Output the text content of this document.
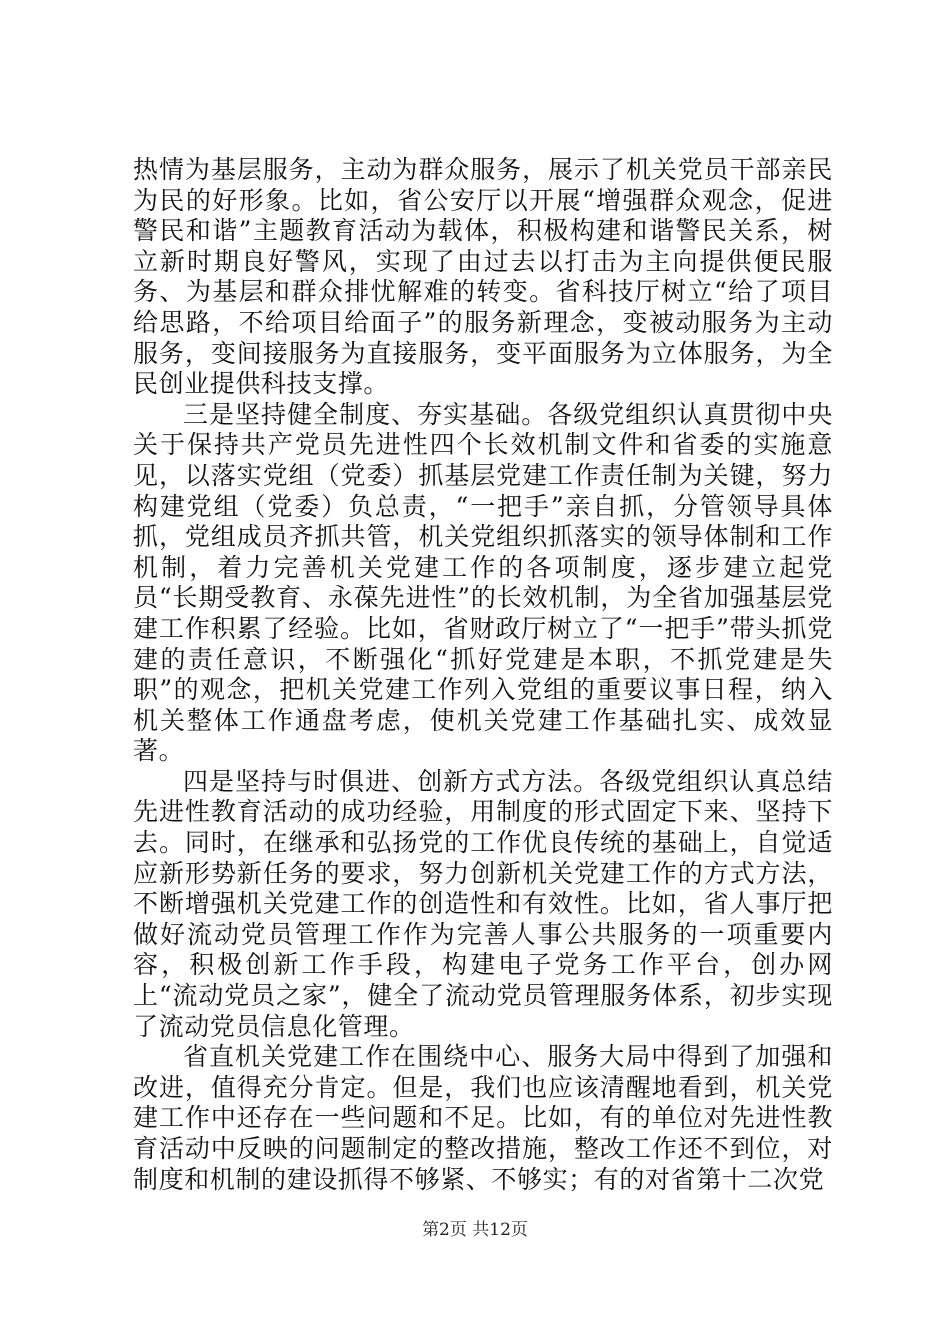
热情为基层服务，主动为群众服务，展示了机关党员干部亲民为民的好形象。比如，省公安厅以开展“增强群众观念，促进警民和谐”主题教育活动为载体，积极构建和谐警民关系，树立新时期良好警风，实现了由过去以打击为主向提供便民服务、为基层和群众排忧解难的转变。省科技厅树立“给了项目给思路，不给项目给面子”的服务新理念，变被动服务为主动服务，变间接服务为直接服务，变平面服务为立体服务，为全民创业提供科技支撑。

三是坚持健全制度、夯实基础。各级党组织认真贯彻中央关于保持共产党员先进性四个长效机制文件和省委的实施意见，以落实党组（党委）抓基层党建工作责任制为关键，努力构建党组（党委）负总责，“一把手”亲自抓，分管领导具体抓，党组成员齐抓共管，机关党组织抓落实的领导体制和工作机制，着力完善机关党建工作的各项制度，逐步建立起党员“长期受教育、永葆先进性”的长效机制，为全省加强基层党建工作积累了经验。比如，省财政厅树立了“一把手”带头抓党建的责任意识，不断强化“抓好党建是本职，不抓党建是失职”的观念，把机关党建工作列入党组的重要议事日程，纳入机关整体工作通盘考虑，使机关党建工作基础扎实、成效显著。

四是坚持与时俱进、创新方式方法。各级党组织认真总结先进性教育活动的成功经验，用制度的形式固定下来、坚持下去。同时，在继承和弘扬党的工作优良传统的基础上，自觉适应新形势新任务的要求，努力创新机关党建工作的方式方法，不断增强机关党建工作的创造性和有效性。比如，省人事厅把做好流动党员管理工作作为完善人事公共服务的一项重要内容，积极创新工作手段，构建电子党务工作平台，创办网上“流动党员之家”，健全了流动党员管理服务体系，初步实现了流动党员信息化管理。

省直机关党建工作在围绕中心、服务大局中得到了加强和改进，值得充分肯定。但是，我们也应该清醒地看到，机关党建工作中还存在一些问题和不足。比如，有的单位对先进性教育活动中反映的问题制定的整改措施，整改工作还不到位，对制度和机制的建设抓得不够紧、不够实；有的对省第十二次党

第2页 共12页
